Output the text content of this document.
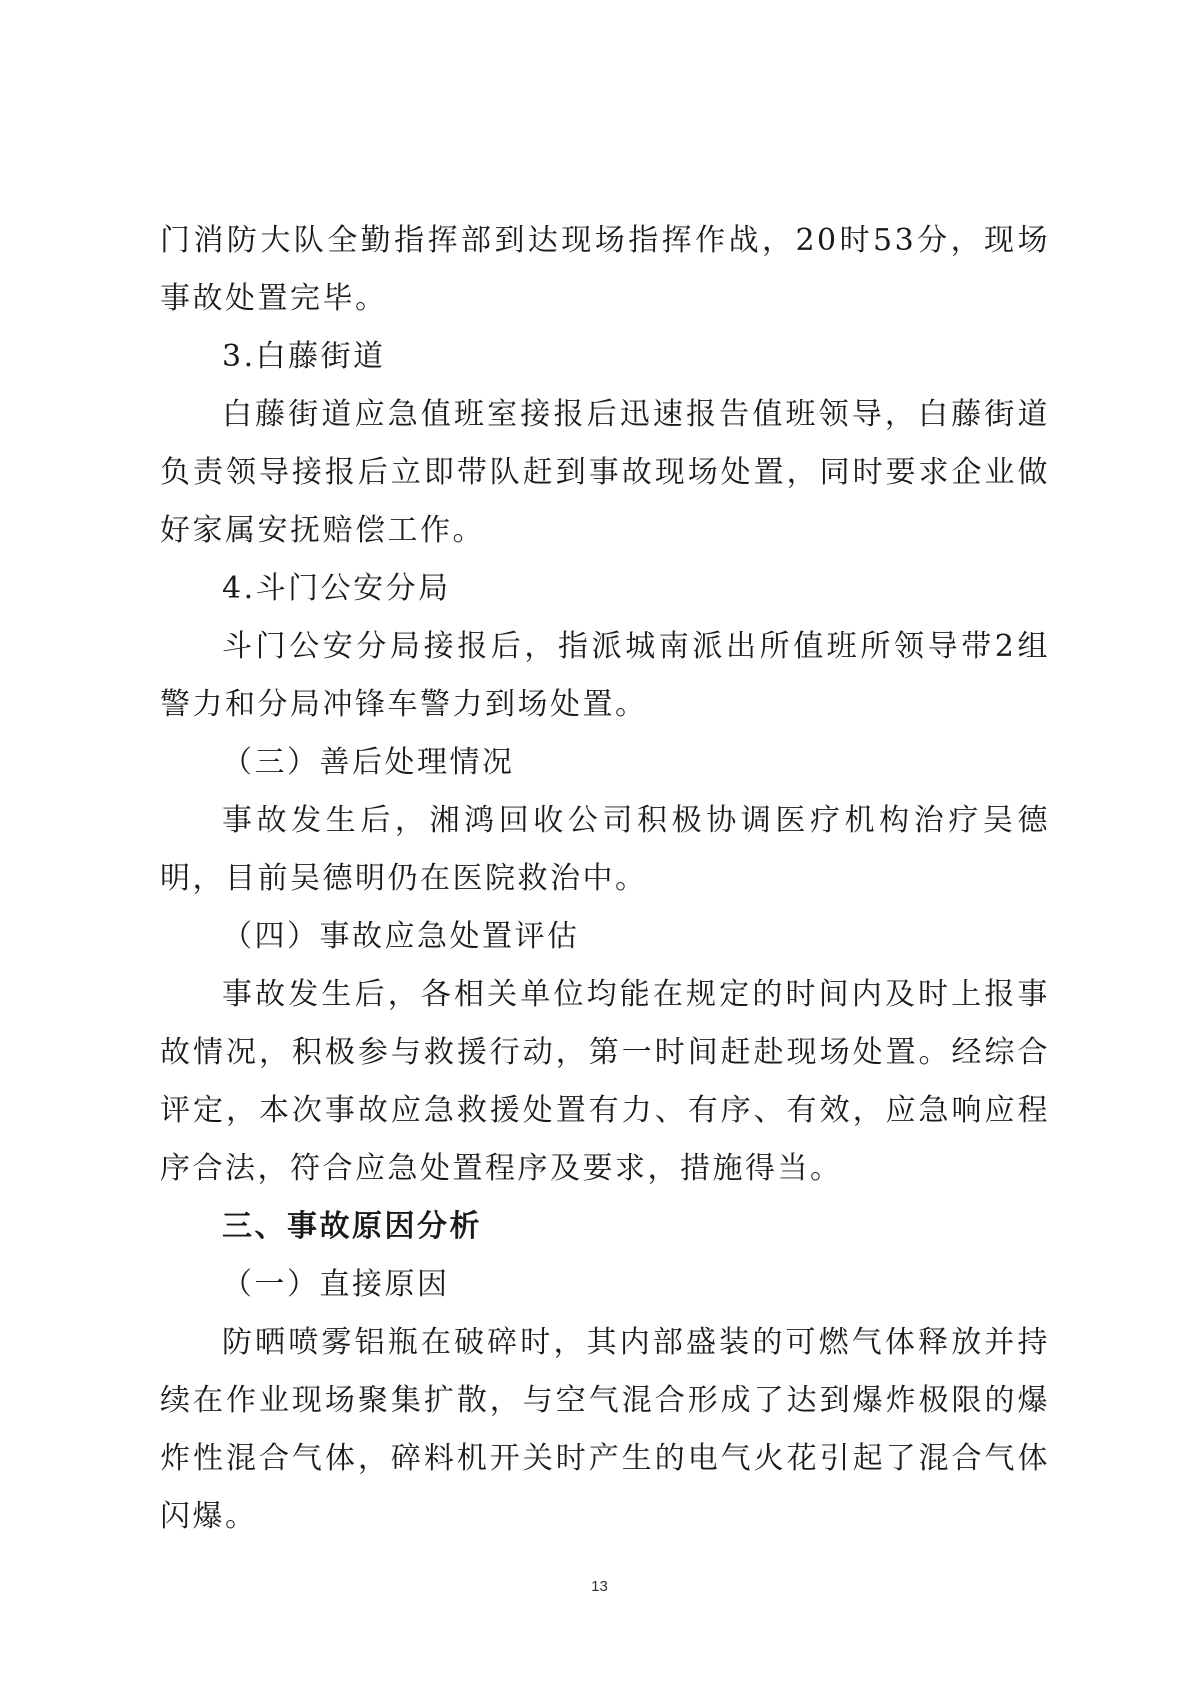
门消防大队全勤指挥部到达现场指挥作战，20时53分，现场事故处置完毕。

3.白藤街道

白藤街道应急值班室接报后迅速报告值班领导，白藤街道负责领导接报后立即带队赶到事故现场处置，同时要求企业做好家属安抚赔偿工作。

4.斗门公安分局

斗门公安分局接报后，指派城南派出所值班所领导带2组警力和分局冲锋车警力到场处置。

（三）善后处理情况

事故发生后，湘鸿回收公司积极协调医疗机构治疗吴德明，目前吴德明仍在医院救治中。

（四）事故应急处置评估

事故发生后，各相关单位均能在规定的时间内及时上报事故情况，积极参与救援行动，第一时间赶赴现场处置。经综合评定，本次事故应急救援处置有力、有序、有效，应急响应程序合法，符合应急处置程序及要求，措施得当。

三、事故原因分析

（一）直接原因

防晒喷雾铝瓶在破碎时，其内部盛装的可燃气体释放并持续在作业现场聚集扩散，与空气混合形成了达到爆炸极限的爆炸性混合气体，碎料机开关时产生的电气火花引起了混合气体闪爆。

13
